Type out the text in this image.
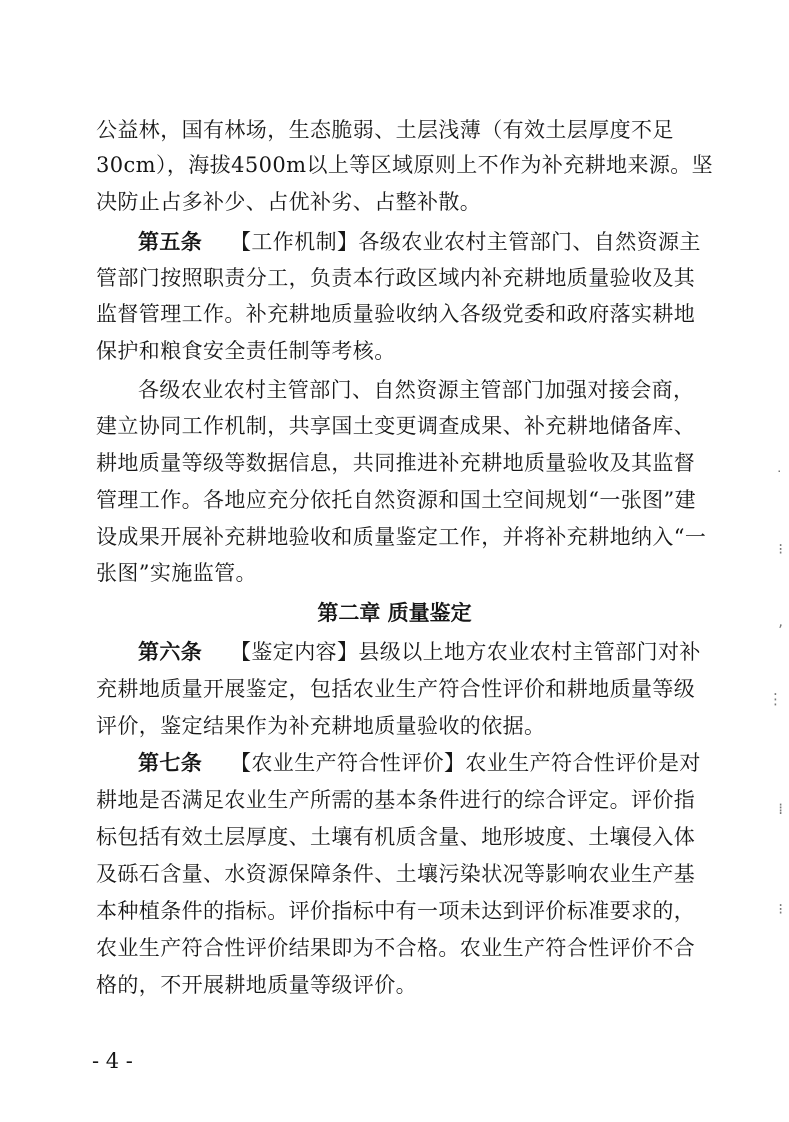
公益林，国有林场，生态脆弱、土层浅薄（有效土层厚度不足
30cm），海拔4500m以上等区域原则上不作为补充耕地来源。坚
决防止占多补少、占优补劣、占整补散。
第五条 【工作机制】各级农业农村主管部门、自然资源主
管部门按照职责分工，负责本行政区域内补充耕地质量验收及其
监督管理工作。补充耕地质量验收纳入各级党委和政府落实耕地
保护和粮食安全责任制等考核。
各级农业农村主管部门、自然资源主管部门加强对接会商，
建立协同工作机制，共享国土变更调查成果、补充耕地储备库、
耕地质量等级等数据信息，共同推进补充耕地质量验收及其监督
管理工作。各地应充分依托自然资源和国土空间规划“一张图”建
设成果开展补充耕地验收和质量鉴定工作，并将补充耕地纳入“一
张图”实施监管。
第二章 质量鉴定
第六条 【鉴定内容】县级以上地方农业农村主管部门对补
充耕地质量开展鉴定，包括农业生产符合性评价和耕地质量等级
评价，鉴定结果作为补充耕地质量验收的依据。
第七条 【农业生产符合性评价】农业生产符合性评价是对
耕地是否满足农业生产所需的基本条件进行的综合评定。评价指
标包括有效土层厚度、土壤有机质含量、地形坡度、土壤侵入体
及砾石含量、水资源保障条件、土壤污染状况等影响农业生产基
本种植条件的指标。评价指标中有一项未达到评价标准要求的，
农业生产符合性评价结果即为不合格。农业生产符合性评价不合
格的，不开展耕地质量等级评价。
- 4 -
˙
⁝
,
⋮
⁞
⁝
